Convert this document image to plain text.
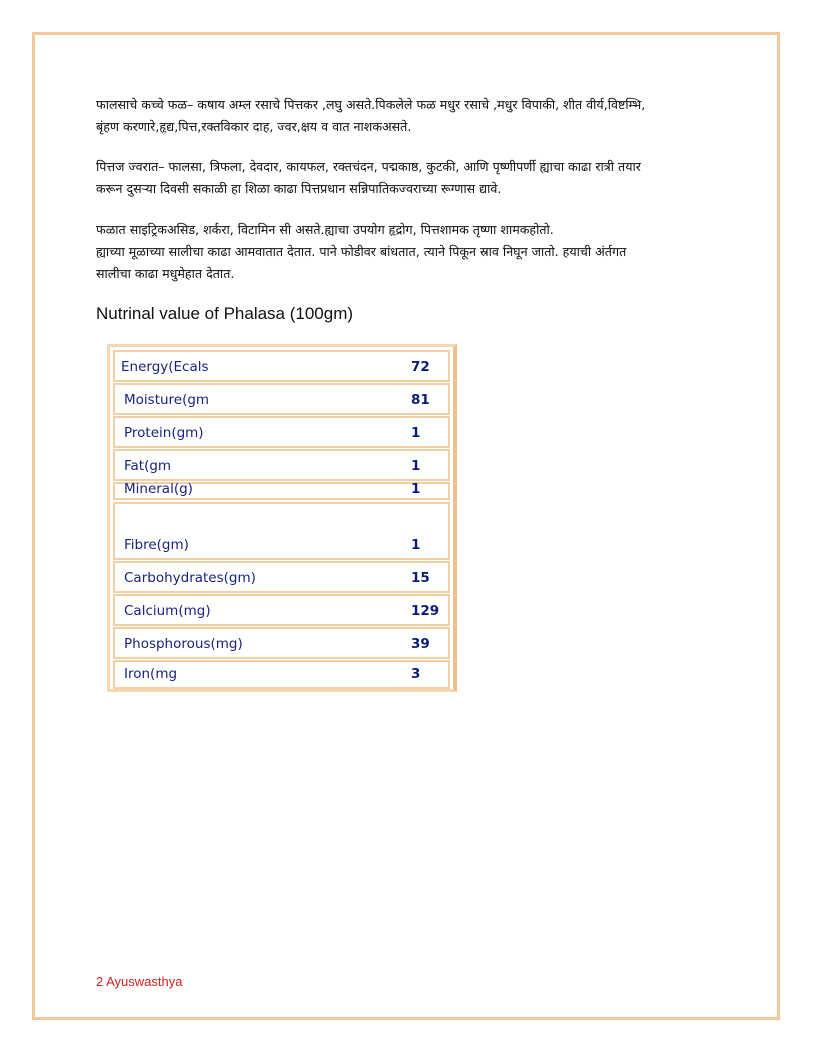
फालसाचे कच्चे फळ– कषाय अम्ल रसाचे पित्तकर ,लघु असते.पिकलेले फळ मधुर रसाचे ,मधुर विपाकी, शीत वीर्य,विष्टम्भि,
बृंहण करणारे,हृद्य,पित्त,रक्तविकार दाह, ज्वर,क्षय व वात नाशकअसते.

पित्तज ज्वरात– फालसा, त्रिफला, देवदार, कायफल, रक्तचंदन, पद्मकाष्ठ, कुटकी, आणि पृष्णीपर्णी ह्याचा काढा रात्री तयार
करून दुसऱ्या दिवसी सकाळी हा शिळा काढा पित्तप्रधान सन्निपातिकज्वराच्या रूग्णास द्यावे.

फळात साइट्रिकअसिड, शर्करा, विटामिन सी असते.ह्याचा उपयोग हृद्रोग, पित्तशामक तृष्णा शामकहोतो.
ह्याच्या मूळाच्या सालीचा काढा आमवातात देतात. पाने फोडीवर बांधतात, त्याने पिकून स्राव निघून जातो. हयाची अंर्तगत
सालीचा काढा मधुमेहात देतात.

Nutrinal value of Phalasa (100gm)
Energy(Ecals	72
Moisture(gm	81
Protein(gm)	1
Fat(gm	1
Mineral(g)	1
Fibre(gm)	1
Carbohydrates(gm)	15
Calcium(mg)	129
Phosphorous(mg)	39
Iron(mg	3

2 Ayuswasthya
